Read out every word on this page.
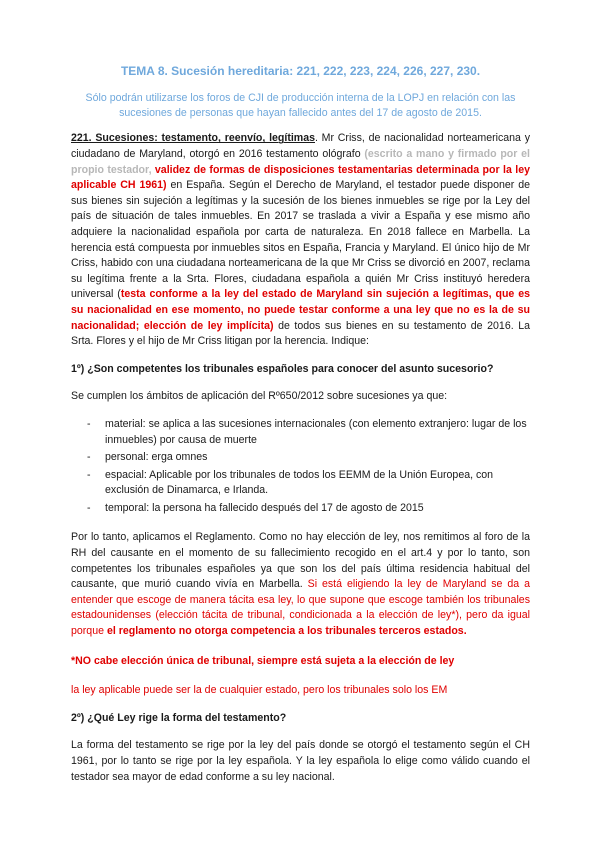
TEMA 8. Sucesión hereditaria: 221, 222, 223, 224, 226, 227, 230.
Sólo podrán utilizarse los foros de CJI de producción interna de la LOPJ en relación con las sucesiones de personas que hayan fallecido antes del 17 de agosto de 2015.

221. Sucesiones: testamento, reenvío, legítimas. Mr Criss, de nacionalidad norteamericana y ciudadano de Maryland, otorgó en 2016 testamento ológrafo (escrito a mano y firmado por el propio testador, validez de formas de disposiciones testamentarias determinada por la ley aplicable CH 1961) en España. Según el Derecho de Maryland, el testador puede disponer de sus bienes sin sujeción a legítimas y la sucesión de los bienes inmuebles se rige por la Ley del país de situación de tales inmuebles. En 2017 se traslada a vivir a España y ese mismo año adquiere la nacionalidad española por carta de naturaleza. En 2018 fallece en Marbella. La herencia está compuesta por inmuebles sitos en España, Francia y Maryland. El único hijo de Mr Criss, habido con una ciudadana norteamericana de la que Mr Criss se divorció en 2007, reclama su legítima frente a la Srta. Flores, ciudadana española a quién Mr Criss instituyó heredera universal (testa conforme a la ley del estado de Maryland sin sujeción a legítimas, que es su nacionalidad en ese momento, no puede testar conforme a una ley que no es la de su nacionalidad; elección de ley implícita) de todos sus bienes en su testamento de 2016. La Srta. Flores y el hijo de Mr Criss litigan por la herencia. Indique:

1º) ¿Son competentes los tribunales españoles para conocer del asunto sucesorio?

Se cumplen los ámbitos de aplicación del Rº650/2012 sobre sucesiones ya que:

- material: se aplica a las sucesiones internacionales (con elemento extranjero: lugar de los inmuebles) por causa de muerte
- personal: erga omnes
- espacial: Aplicable por los tribunales de todos los EEMM de la Unión Europea, con exclusión de Dinamarca, e Irlanda.
- temporal: la persona ha fallecido después del 17 de agosto de 2015

Por lo tanto, aplicamos el Reglamento. Como no hay elección de ley, nos remitimos al foro de la RH del causante en el momento de su fallecimiento recogido en el art.4 y por lo tanto, son competentes los tribunales españoles ya que son los del país última residencia habitual del causante, que murió cuando vivía en Marbella. Si está eligiendo la ley de Maryland se da a entender que escoge de manera tácita esa ley, lo que supone que escoge también los tribunales estadounidenses (elección tácita de tribunal, condicionada a la elección de ley*), pero da igual porque el reglamento no otorga competencia a los tribunales terceros estados.

*NO cabe elección única de tribunal, siempre está sujeta a la elección de ley

la ley aplicable puede ser la de cualquier estado, pero los tribunales solo los EM

2º) ¿Qué Ley rige la forma del testamento?

La forma del testamento se rige por la ley del país donde se otorgó el testamento según el CH 1961, por lo tanto se rige por la ley española. Y la ley española lo elige como válido cuando el testador sea mayor de edad conforme a su ley nacional.
